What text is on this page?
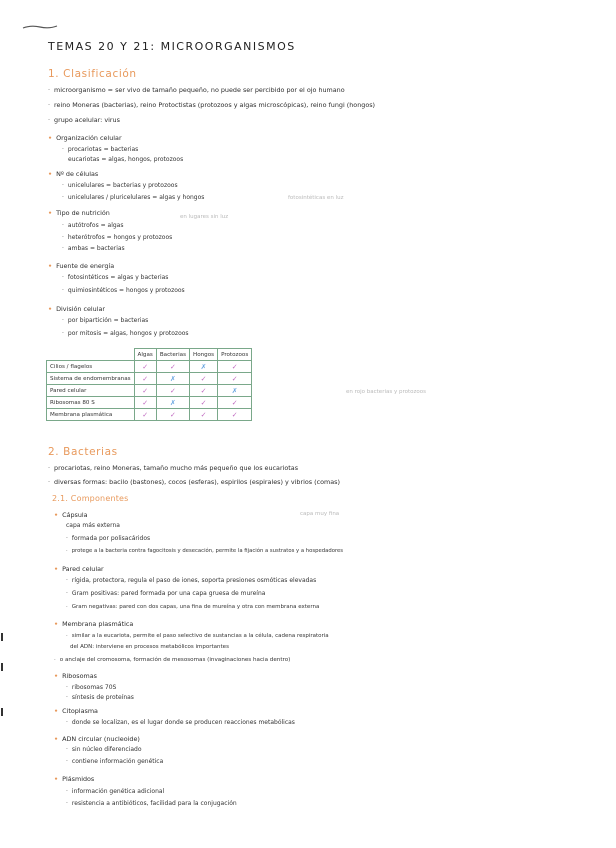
TEMAS 20 Y 21: MICROORGANISMOS
1. Clasificación
· microorganismo = ser vivo de tamaño pequeño, no puede ser percibido por el ojo humano
· reino Moneras (bacterias), reino Protoctistas (protozoos y algas microscópicas), reino fungi (hongos)
· grupo acelular: virus
• Organización celular
· procariotas = bacterias
eucariotas = algas, hongos, protozoos
• Nº de células
· unicelulares = bacterias y protozoos
· unicelulares / pluricelulares = algas y hongos	fotosintéticas en luz
• Tipo de nutrición	en lugares sin luz
· autótrofos = algas
· heterótrofos = hongos y protozoos
· ambas = bacterias
• Fuente de energía
· fotosintéticos = algas y bacterias
· quimiosintéticos = hongos y protozoos
• División celular
· por bipartición = bacterias
· por mitosis = algas, hongos y protozoos
	Algas	Bacterias	Hongos	Protozoos
Cilios / flagelos	✓	✓	✗	✓
Sistema de endomembranas	✓	✗	✓	✓
Pared celular	✓	✓	✓	✗
Ribosomas 80 S	✓	✗	✓	✓
Membrana plasmática	✓	✓	✓	✓
en rojo bacterias y protozoos
2. Bacterias
· procariotas, reino Moneras, tamaño mucho más pequeño que los eucariotas
· diversas formas: bacilo (bastones), cocos (esferas), espirilos (espirales) y vibrios (comas)
2.1. Componentes
• Cápsula	capa muy fina
capa más externa
· formada por polisacáridos
· protege a la bacteria contra fagocitosis y desecación, permite la fijación a sustratos y a hospedadores
• Pared celular
· rígida, protectora, regula el paso de iones, soporta presiones osmóticas elevadas
· Gram positivas: pared formada por una capa gruesa de mureína
· Gram negativas: pared con dos capas, una fina de mureína y otra con membrana externa
• Membrana plasmática
· similar a la eucariota, permite el paso selectivo de sustancias a la célula, cadena respiratoria
del ADN: interviene en procesos metabólicos importantes
· o anclaje del cromosoma, formación de mesosomas (invaginaciones hacia dentro)
• Ribosomas
· ribosomas 70S
· síntesis de proteínas
• Citoplasma
· donde se localizan, es el lugar donde se producen reacciones metabólicas
• ADN circular (nucleoide)
· sin núcleo diferenciado
· contiene información genética
• Plásmidos
· información genética adicional
· resistencia a antibióticos, facilidad para la conjugación
